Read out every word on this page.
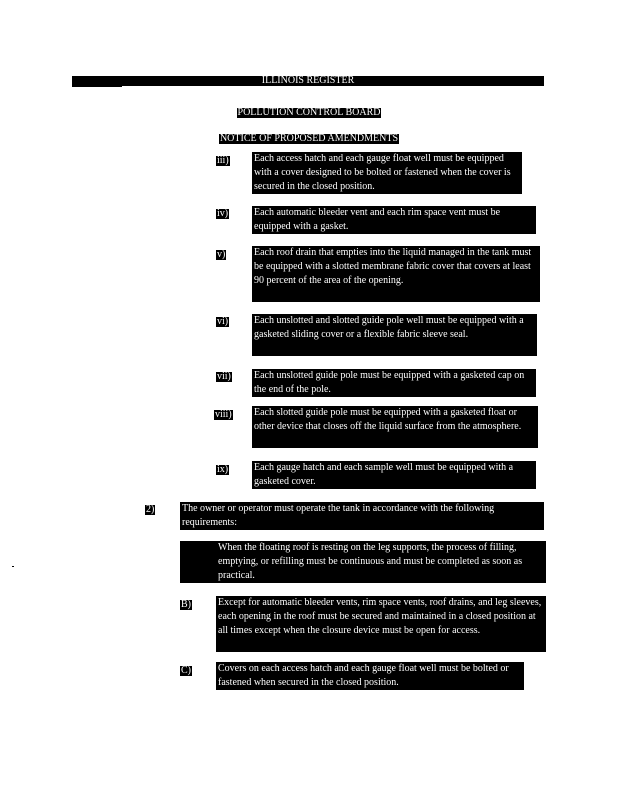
ILLINOIS REGISTER
POLLUTION CONTROL BOARD
NOTICE OF PROPOSED AMENDMENTS
iii)	Each access hatch and each gauge float well must be equipped with a cover designed to be bolted or fastened when the cover is secured in the closed position.
iv)	Each automatic bleeder vent and each rim space vent must be equipped with a gasket.
v)	Each roof drain that empties into the liquid managed in the tank must be equipped with a slotted membrane fabric cover that covers at least 90 percent of the area of the opening.
vi)	Each unslotted and slotted guide pole well must be equipped with a gasketed sliding cover or a flexible fabric sleeve seal.
vii) Each unslotted guide pole must be equipped with a gasketed cap on the end of the pole.
viii) Each slotted guide pole must be equipped with a gasketed float or other device that closes off the liquid surface from the atmosphere.
ix)	Each gauge hatch and each sample well must be equipped with a gasketed cover.
2)	The owner or operator must operate the tank in accordance with the following requirements:
When the floating roof is resting on the leg supports, the process of filling, emptying, or refilling must be continuous and must be completed as soon as practical.
B)	Except for automatic bleeder vents, rim space vents, roof drains, and leg sleeves, each opening in the roof must be secured and maintained in a closed position at all times except when the closure device must be open for access.
C)	Covers on each access hatch and each gauge float well must be bolted or fastened when secured in the closed position.
